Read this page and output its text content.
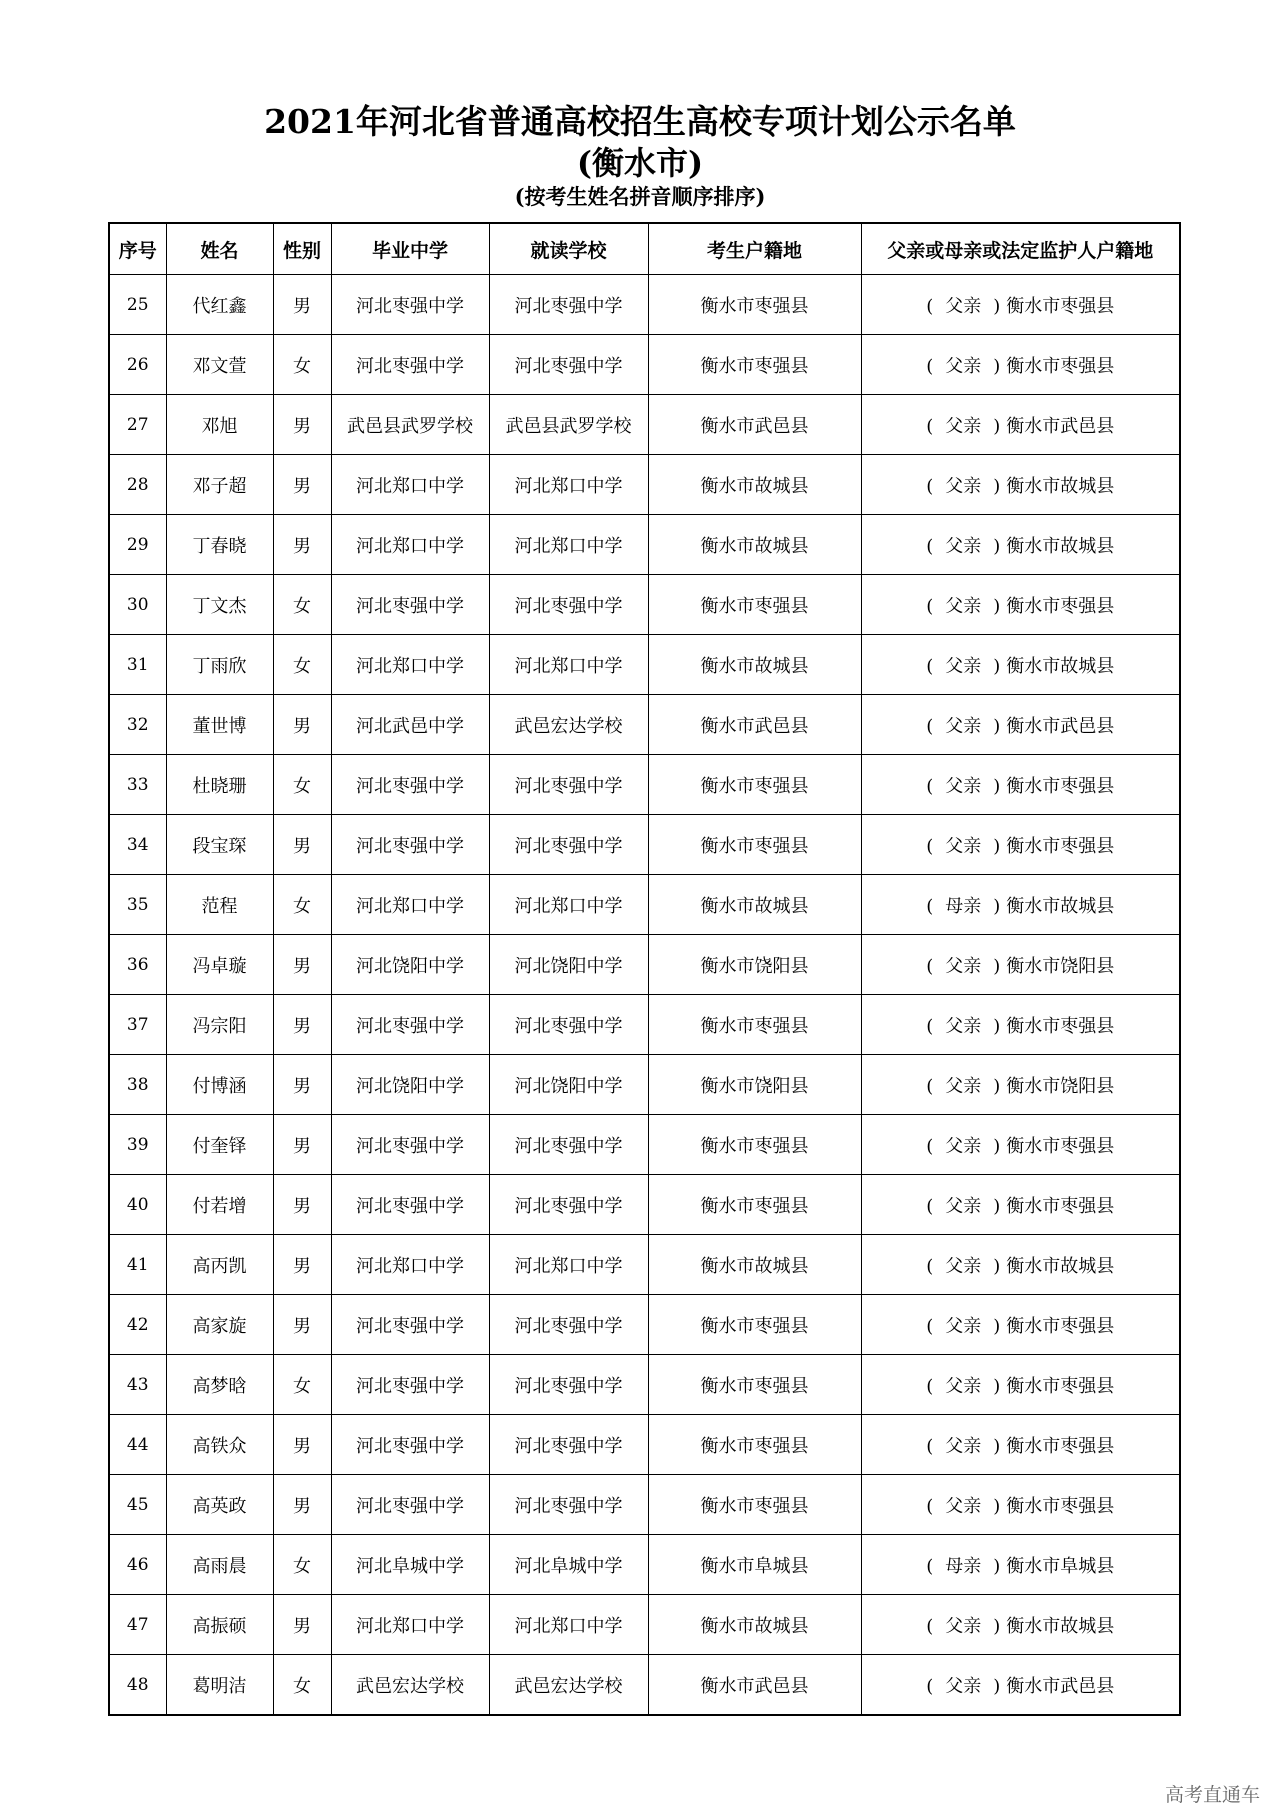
2021年河北省普通高校招生高校专项计划公示名单
(衡水市)
(按考生姓名拼音顺序排序)
序号	姓名	性别	毕业中学	就读学校	考生户籍地	父亲或母亲或法定监护人户籍地
25	代红鑫	男	河北枣强中学	河北枣强中学	衡水市枣强县	( 父亲 ) 衡水市枣强县
26	邓文萱	女	河北枣强中学	河北枣强中学	衡水市枣强县	( 父亲 ) 衡水市枣强县
27	邓旭	男	武邑县武罗学校	武邑县武罗学校	衡水市武邑县	( 父亲 ) 衡水市武邑县
28	邓子超	男	河北郑口中学	河北郑口中学	衡水市故城县	( 父亲 ) 衡水市故城县
29	丁春晓	男	河北郑口中学	河北郑口中学	衡水市故城县	( 父亲 ) 衡水市故城县
30	丁文杰	女	河北枣强中学	河北枣强中学	衡水市枣强县	( 父亲 ) 衡水市枣强县
31	丁雨欣	女	河北郑口中学	河北郑口中学	衡水市故城县	( 父亲 ) 衡水市故城县
32	董世博	男	河北武邑中学	武邑宏达学校	衡水市武邑县	( 父亲 ) 衡水市武邑县
33	杜晓珊	女	河北枣强中学	河北枣强中学	衡水市枣强县	( 父亲 ) 衡水市枣强县
34	段宝琛	男	河北枣强中学	河北枣强中学	衡水市枣强县	( 父亲 ) 衡水市枣强县
35	范程	女	河北郑口中学	河北郑口中学	衡水市故城县	( 母亲 ) 衡水市故城县
36	冯卓璇	男	河北饶阳中学	河北饶阳中学	衡水市饶阳县	( 父亲 ) 衡水市饶阳县
37	冯宗阳	男	河北枣强中学	河北枣强中学	衡水市枣强县	( 父亲 ) 衡水市枣强县
38	付博涵	男	河北饶阳中学	河北饶阳中学	衡水市饶阳县	( 父亲 ) 衡水市饶阳县
39	付奎铎	男	河北枣强中学	河北枣强中学	衡水市枣强县	( 父亲 ) 衡水市枣强县
40	付若增	男	河北枣强中学	河北枣强中学	衡水市枣强县	( 父亲 ) 衡水市枣强县
41	高丙凯	男	河北郑口中学	河北郑口中学	衡水市故城县	( 父亲 ) 衡水市故城县
42	高家旋	男	河北枣强中学	河北枣强中学	衡水市枣强县	( 父亲 ) 衡水市枣强县
43	高梦晗	女	河北枣强中学	河北枣强中学	衡水市枣强县	( 父亲 ) 衡水市枣强县
44	高铁众	男	河北枣强中学	河北枣强中学	衡水市枣强县	( 父亲 ) 衡水市枣强县
45	高英政	男	河北枣强中学	河北枣强中学	衡水市枣强县	( 父亲 ) 衡水市枣强县
46	高雨晨	女	河北阜城中学	河北阜城中学	衡水市阜城县	( 母亲 ) 衡水市阜城县
47	高振硕	男	河北郑口中学	河北郑口中学	衡水市故城县	( 父亲 ) 衡水市故城县
48	葛明洁	女	武邑宏达学校	武邑宏达学校	衡水市武邑县	( 父亲 ) 衡水市武邑县
高考直通车
